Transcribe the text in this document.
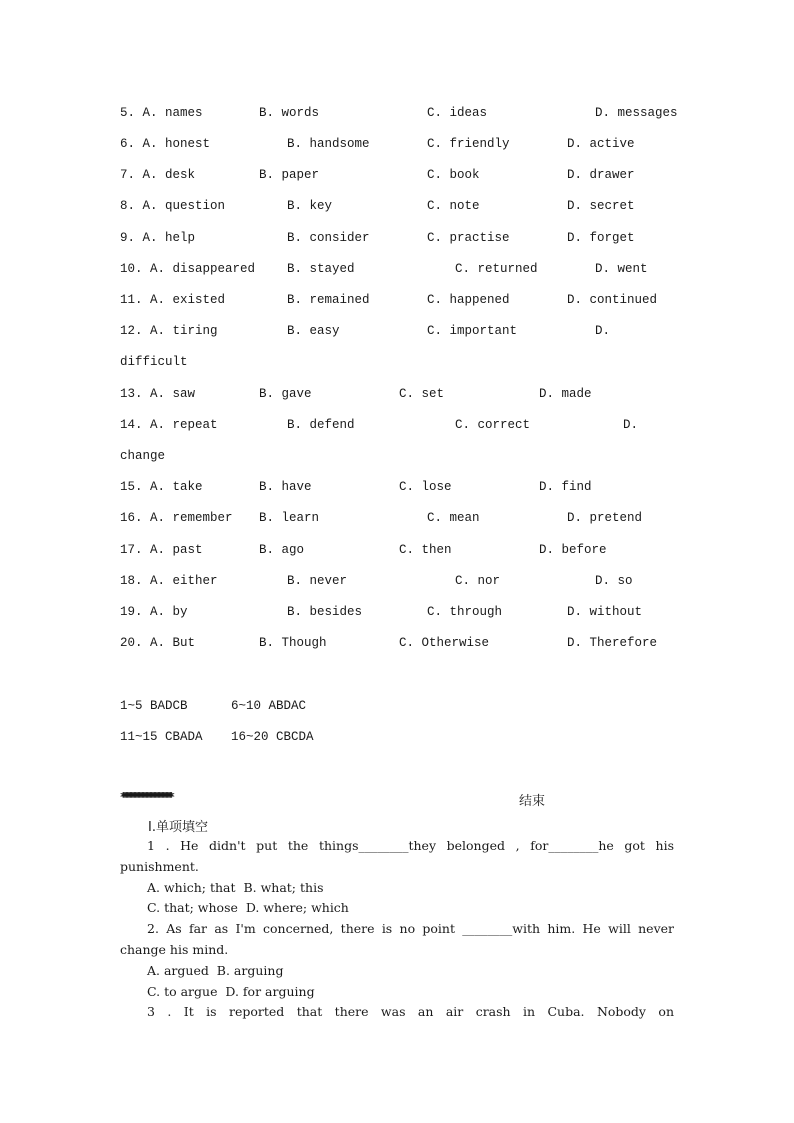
5. A. names	B. words	C. ideas	D. messages
6. A. honest	B. handsome	C. friendly	D. active
7. A. desk	B. paper	C. book	D. drawer
8. A. question	B. key	C. note	D. secret
9. A. help	B. consider	C. practise	D. forget
10. A. disappeared	B. stayed	C. returned	D. went
11. A. existed	B. remained	C. happened	D. continued
12. A. tiring	B. easy	C. important	D.
difficult
13. A. saw	B. gave	C. set	D. made
14. A. repeat	B. defend	C. correct	D.
change
15. A. take	B. have	C. lose	D. find
16. A. remember B. learn	C. mean	D. pretend
17. A. past	B. ago	C. then	D. before
18. A. either	B. never	C. nor	D. so
19. A. by	B. besides	C. through	D. without
20. A. But	B. Though	C. Otherwise	D. Therefore
1~5 BADCB	6~10 ABDAC
11~15 CBADA 16~20 CBCDA
**************************************************************	结束
Ⅰ.单项填空
1 . He didn't put the things________they belonged , for________he got his
punishment.
A. which; that  B. what; this
C. that; whose  D. where; which
2. As far as I'm concerned, there is no point ________with him. He will never
change his mind.
A. argued  B. arguing
C. to argue  D. for arguing
3 . It is reported that there was an air crash in Cuba. Nobody on
